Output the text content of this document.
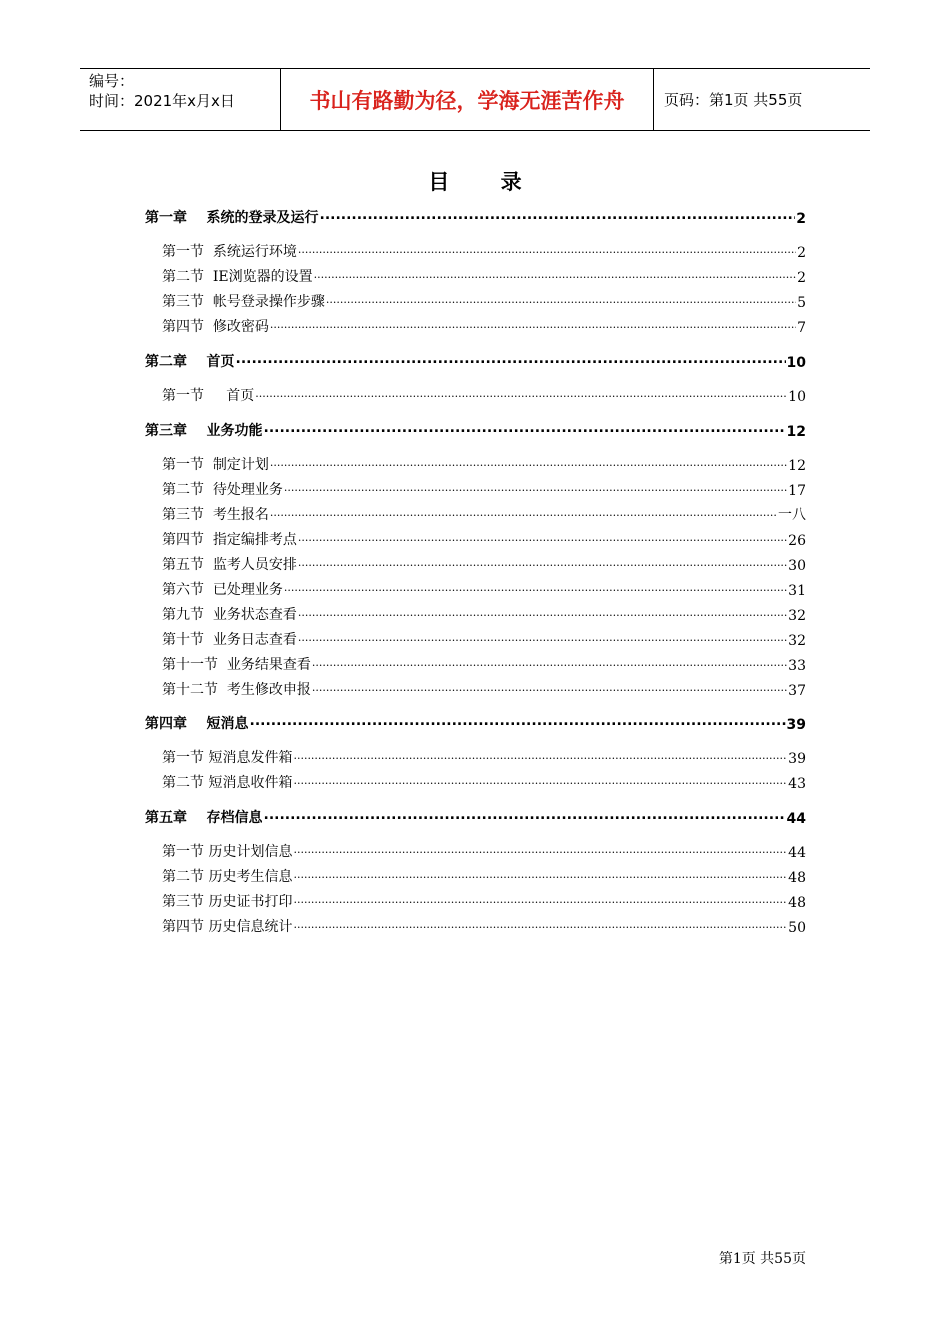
编号：
时间：2021年x月x日	书山有路勤为径，学海无涯苦作舟	页码：第1页 共55页
目 录
第一章    系统的登录及运行 .....	2
第一节  系统运行环境 .....	2
第二节  IE浏览器的设置 .....	2
第三节  帐号登录操作步骤 .....	5
第四节  修改密码 .....	7
第二章    首页 .....	10
第一节     首页 .....	10
第三章    业务功能 .....	12
第一节  制定计划 .....	12
第二节  待处理业务 .....	17
第三节  考生报名 .....	一八
第四节  指定编排考点 .....	26
第五节  监考人员安排 .....	30
第六节  已处理业务 .....	31
第九节  业务状态查看 .....	32
第十节  业务日志查看 .....	32
第十一节  业务结果查看 .....	33
第十二节  考生修改申报 .....	37
第四章    短消息 .....	39
第一节 短消息发件箱 .....	39
第二节 短消息收件箱 .....	43
第五章    存档信息 .....	44
第一节 历史计划信息 .....	44
第二节 历史考生信息 .....	48
第三节 历史证书打印 .....	48
第四节 历史信息统计 .....	50
第1页 共55页
